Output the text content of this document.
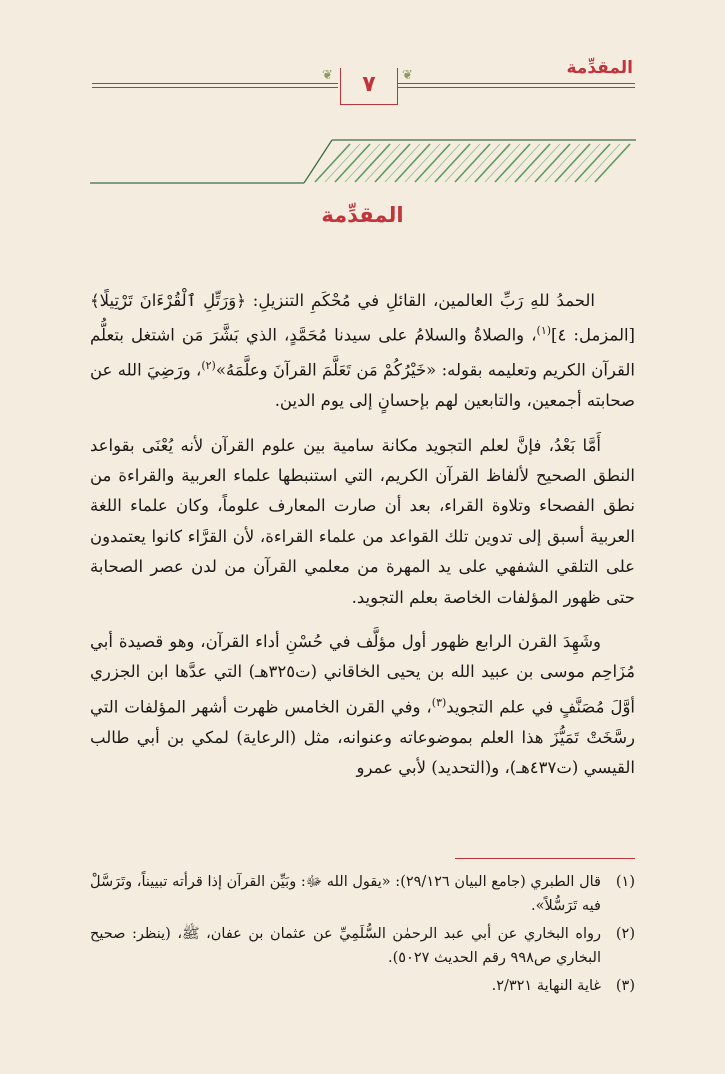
المقدِّمة
❦	❦
٧
المقدِّمة

الحمدُ للهِ رَبِّ العالمين، القائلِ في مُحْكَمِ التنزيلِ: ﴿وَرَتِّلِ ٱلْقُرْءَانَ تَرْتِيلًا﴾ [المزمل: ٤]$^{(١)}$، والصلاةُ والسلامُ على سيدنا مُحَمَّدٍ، الذي بَشَّرَ مَن اشتغل بتعلُّم القرآن الكريم وتعليمه بقوله: «خَيْرُكُمْ مَن تَعَلَّمَ القرآنَ وعلَّمَهُ»$^{(٢)}$، ورَضِيَ الله عن صحابته أجمعين، والتابعين لهم بإحسانٍ إلى يوم الدين.

أَمَّا بَعْدُ، فإنَّ لعلم التجويد مكانة سامية بين علوم القرآن لأنه يُعْنَى بقواعد النطق الصحيح لألفاظ القرآن الكريم، التي استنبطها علماء العربية والقراءة من نطق الفصحاء وتلاوة القراء، بعد أن صارت المعارف علوماً، وكان علماء اللغة العربية أسبق إلى تدوين تلك القواعد من علماء القراءة، لأن القرَّاء كانوا يعتمدون على التلقي الشفهي على يد المهرة من معلمي القرآن من لدن عصر الصحابة حتى ظهور المؤلفات الخاصة بعلم التجويد.

وشَهِدَ القرن الرابع ظهور أول مؤلَّف في حُسْنِ أداء القرآن، وهو قصيدة أبي مُزَاحِم موسى بن عبيد الله بن يحيى الخاقاني (ت٣٢٥هـ) التي عدَّها ابن الجزري أوَّلَ مُصَنَّفٍ في علم التجويد$^{(٣)}$، وفي القرن الخامس ظهرت أشهر المؤلفات التي رسَّخَتْ تَمَيُّزَ هذا العلم بموضوعاته وعنوانه، مثل (الرعاية) لمكي بن أبي طالب القيسي (ت٤٣٧هـ)، و(التحديد) لأبي عمرو

(١)
قال الطبري (جامع البيان ٢٩/١٢٦): «يقول الله ﷻ: وبَيِّن القرآن إذا قرأته تبييناً، وتَرَسَّلْ فيه تَرَسُّلاً».
(٢)
رواه البخاري عن أبي عبد الرحمٰن السُّلَمِيِّ عن عثمان بن عفان، ﷺ، (ينظر: صحيح البخاري ص٩٩٨ رقم الحديث ٥٠٢٧).
(٣)
غاية النهاية ٢/٣٢١.
